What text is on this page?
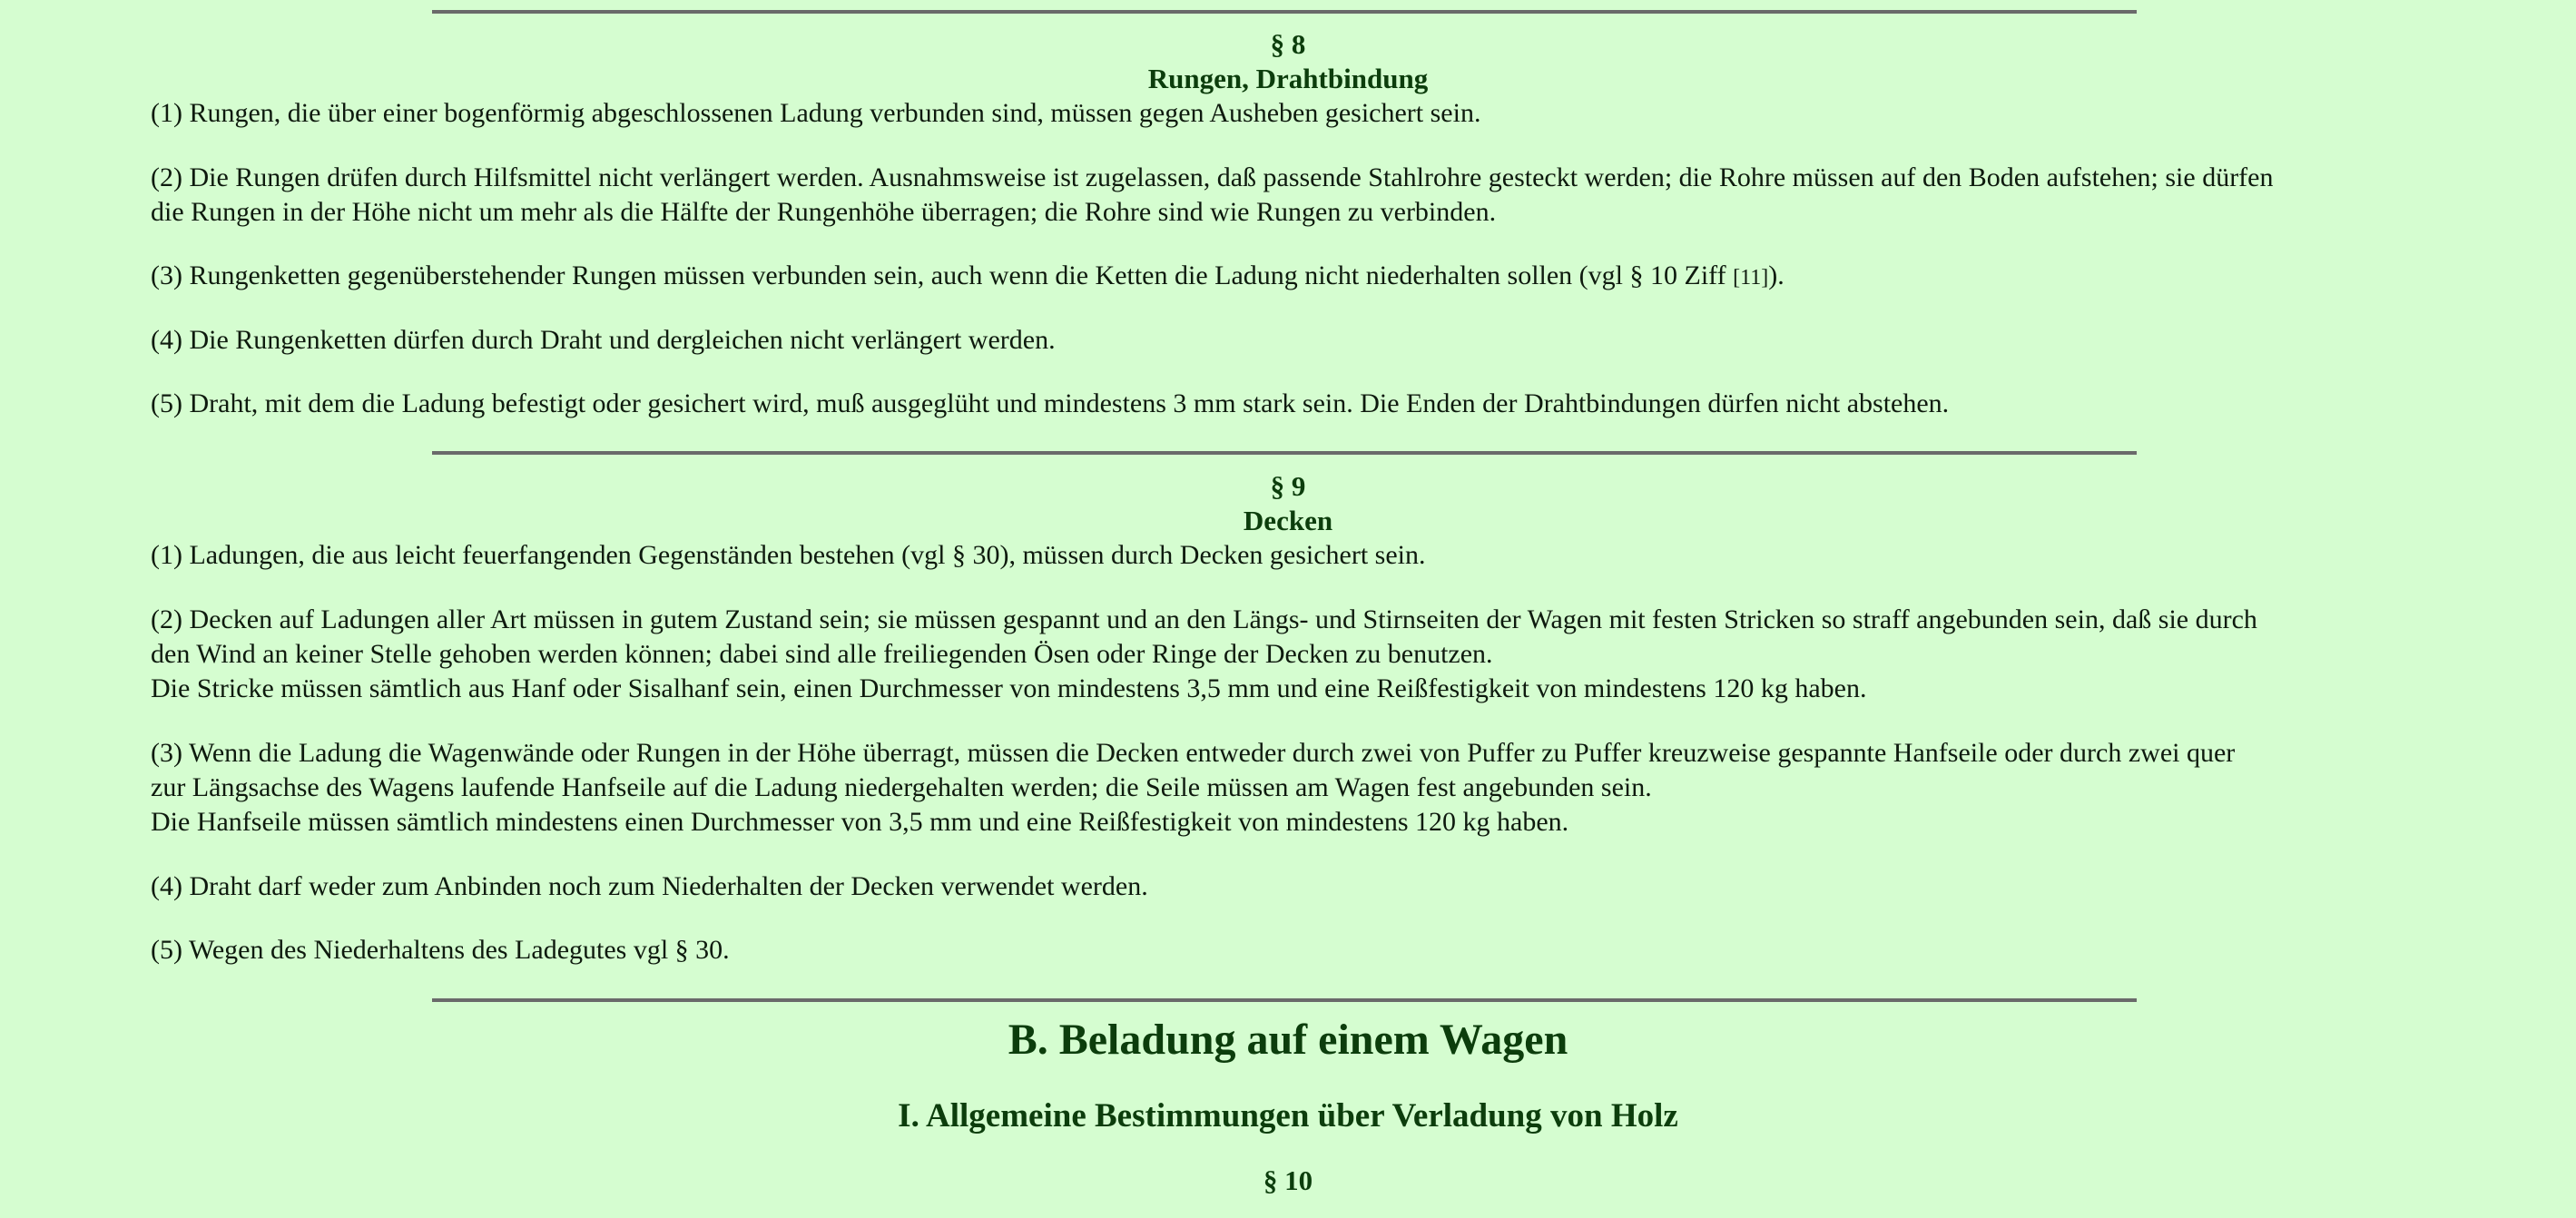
§ 8
Rungen, Drahtbindung

(1) Rungen, die über einer bogenförmig abgeschlossenen Ladung verbunden sind, müssen gegen Ausheben gesichert sein.

(2) Die Rungen drüfen durch Hilfsmittel nicht verlängert werden. Ausnahmsweise ist zugelassen, daß passende Stahlrohre gesteckt werden; die Rohre müssen auf den Boden aufstehen; sie dürfen
die Rungen in der Höhe nicht um mehr als die Hälfte der Rungenhöhe überragen; die Rohre sind wie Rungen zu verbinden.

(3) Rungenketten gegenüberstehender Rungen müssen verbunden sein, auch wenn die Ketten die Ladung nicht niederhalten sollen (vgl § 10 Ziff [11]).

(4) Die Rungenketten dürfen durch Draht und dergleichen nicht verlängert werden.

(5) Draht, mit dem die Ladung befestigt oder gesichert wird, muß ausgeglüht und mindestens 3 mm stark sein. Die Enden der Drahtbindungen dürfen nicht abstehen.

§ 9
Decken

(1) Ladungen, die aus leicht feuerfangenden Gegenständen bestehen (vgl § 30), müssen durch Decken gesichert sein.

(2) Decken auf Ladungen aller Art müssen in gutem Zustand sein; sie müssen gespannt und an den Längs- und Stirnseiten der Wagen mit festen Stricken so straff angebunden sein, daß sie durch
den Wind an keiner Stelle gehoben werden können; dabei sind alle freiliegenden Ösen oder Ringe der Decken zu benutzen.
Die Stricke müssen sämtlich aus Hanf oder Sisalhanf sein, einen Durchmesser von mindestens 3,5 mm und eine Reißfestigkeit von mindestens 120 kg haben.

(3) Wenn die Ladung die Wagenwände oder Rungen in der Höhe überragt, müssen die Decken entweder durch zwei von Puffer zu Puffer kreuzweise gespannte Hanfseile oder durch zwei quer
zur Längsachse des Wagens laufende Hanfseile auf die Ladung niedergehalten werden; die Seile müssen am Wagen fest angebunden sein.
Die Hanfseile müssen sämtlich mindestens einen Durchmesser von 3,5 mm und eine Reißfestigkeit von mindestens 120 kg haben.

(4) Draht darf weder zum Anbinden noch zum Niederhalten der Decken verwendet werden.

(5) Wegen des Niederhaltens des Ladegutes vgl § 30.

B. Beladung auf einem Wagen
I. Allgemeine Bestimmungen über Verladung von Holz
§ 10
